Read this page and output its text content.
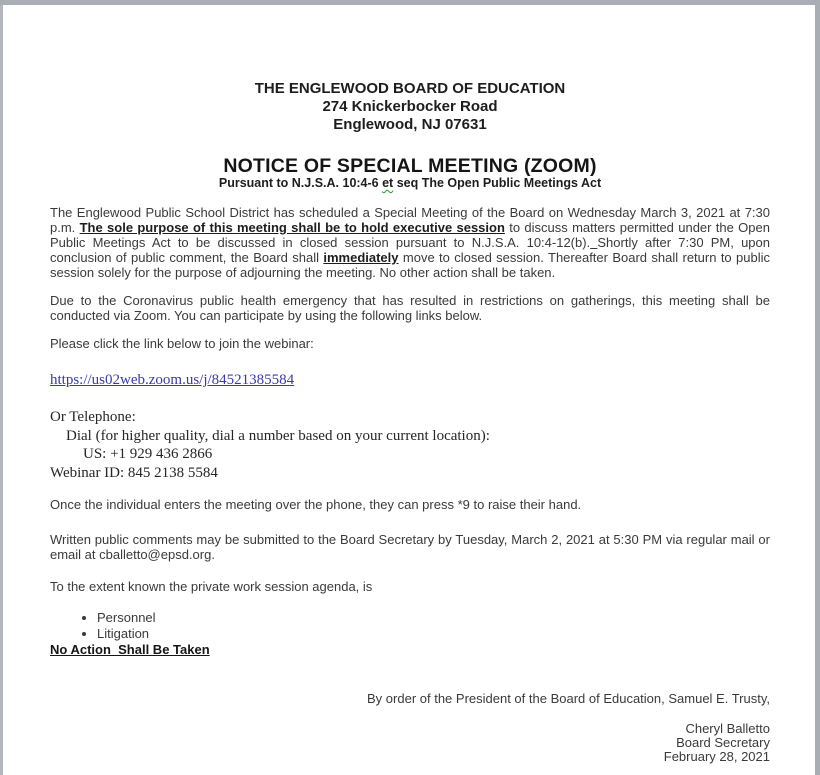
THE ENGLEWOOD BOARD OF EDUCATION
274 Knickerbocker Road
Englewood, NJ 07631
NOTICE OF SPECIAL MEETING (ZOOM)
Pursuant to N.J.S.A. 10:4-6 et seq The Open Public Meetings Act
The Englewood Public School District has scheduled a Special Meeting of the Board on Wednesday March 3, 2021 at 7:30 p.m. The sole purpose of this meeting shall be to hold executive session to discuss matters permitted under the Open Public Meetings Act to be discussed in closed session pursuant to N.J.S.A. 10:4-12(b). Shortly after 7:30 PM, upon conclusion of public comment, the Board shall immediately move to closed session. Thereafter Board shall return to public session solely for the purpose of adjourning the meeting. No other action shall be taken.
Due to the Coronavirus public health emergency that has resulted in restrictions on gatherings, this meeting shall be conducted via Zoom. You can participate by using the following links below.
Please click the link below to join the webinar:
https://us02web.zoom.us/j/84521385584
Or Telephone:
Dial (for higher quality, dial a number based on your current location):
US: +1 929 436 2866
Webinar ID: 845 2138 5584
Once the individual enters the meeting over the phone, they can press *9 to raise their hand.
Written public comments may be submitted to the Board Secretary by Tuesday, March 2, 2021 at 5:30 PM via regular mail or email at cballetto@epsd.org.
To the extent known the private work session agenda, is
• Personnel
• Litigation
No Action  Shall Be Taken
By order of the President of the Board of Education, Samuel E. Trusty,
Cheryl Balletto
Board Secretary
February 28, 2021
